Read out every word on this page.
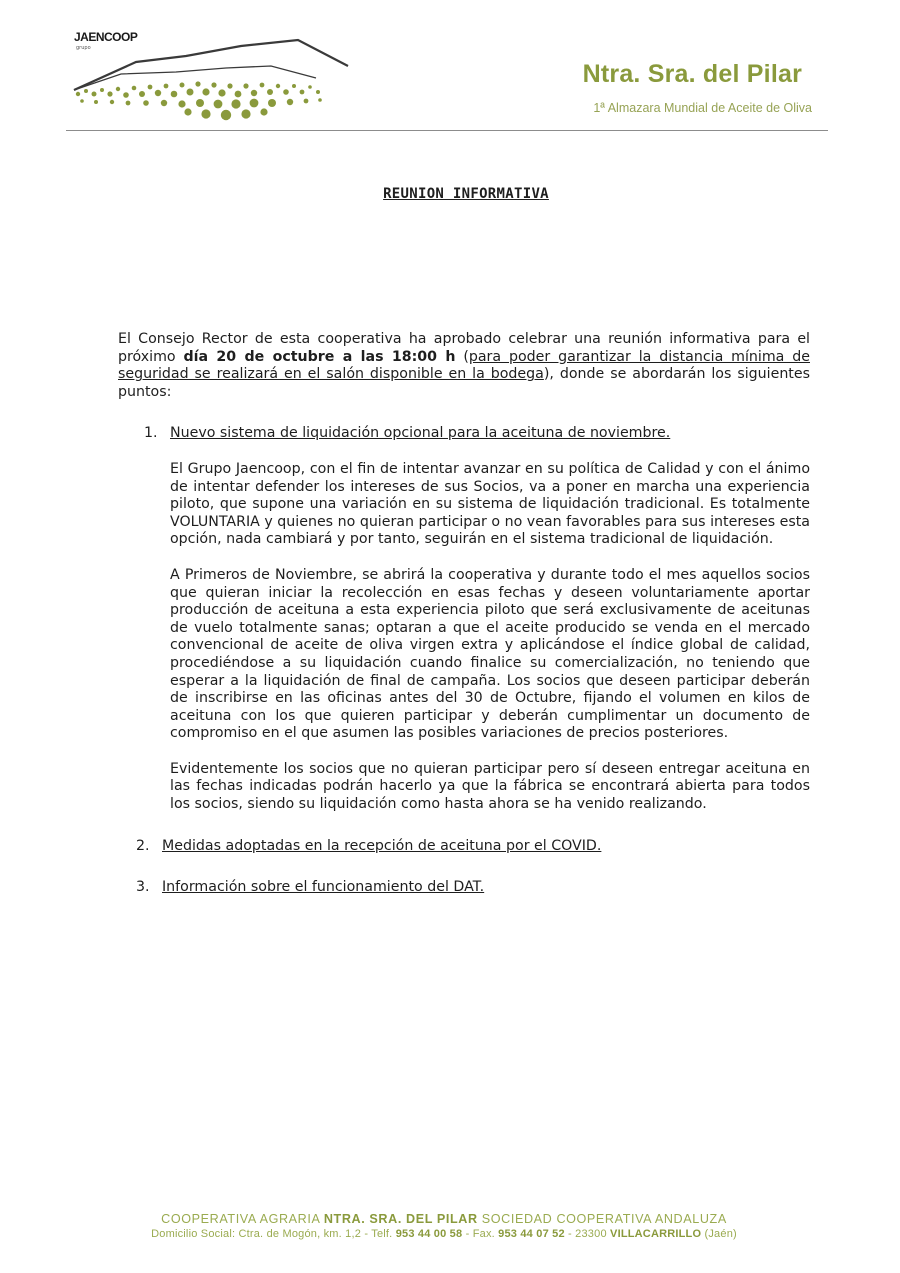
JAENCOOP
grupo
Ntra. Sra. del Pilar
1ª Almazara Mundial de Aceite de Oliva
REUNION INFORMATIVA

El Consejo Rector de esta cooperativa ha aprobado celebrar una reunión informativa para el próximo día 20 de octubre a las 18:00 h (para poder garantizar la distancia mínima de seguridad se realizará en el salón disponible en la bodega), donde se abordarán los siguientes puntos:

1. Nuevo sistema de liquidación opcional para la aceituna de noviembre.

El Grupo Jaencoop, con el fin de intentar avanzar en su política de Calidad y con el ánimo de intentar defender los intereses de sus Socios, va a poner en marcha una experiencia piloto, que supone una variación en su sistema de liquidación tradicional. Es totalmente VOLUNTARIA y quienes no quieran participar o no vean favorables para sus intereses esta opción, nada cambiará y por tanto, seguirán en el sistema tradicional de liquidación.

A Primeros de Noviembre, se abrirá la cooperativa y durante todo el mes aquellos socios que quieran iniciar la recolección en esas fechas y deseen voluntariamente aportar producción de aceituna a esta experiencia piloto que será exclusivamente de aceitunas de vuelo totalmente sanas; optaran a que el aceite producido se venda en el mercado convencional de aceite de oliva virgen extra y aplicándose el índice global de calidad, procediéndose a su liquidación cuando finalice su comercialización, no teniendo que esperar a la liquidación de final de campaña. Los socios que deseen participar deberán de inscribirse en las oficinas antes del 30 de Octubre, fijando el volumen en kilos de aceituna con los que quieren participar y deberán cumplimentar un documento de compromiso en el que asumen las posibles variaciones de precios posteriores.

Evidentemente los socios que no quieran participar pero sí deseen entregar aceituna en las fechas indicadas podrán hacerlo ya que la fábrica se encontrará abierta para todos los socios, siendo su liquidación como hasta ahora se ha venido realizando.

2. Medidas adoptadas en la recepción de aceituna por el COVID.
3. Información sobre el funcionamiento del DAT.
COOPERATIVA AGRARIA NTRA. SRA. DEL PILAR SOCIEDAD COOPERATIVA ANDALUZA
Domicilio Social: Ctra. de Mogón, km. 1,2 - Telf. 953 44 00 58 - Fax. 953 44 07 52 - 23300 VILLACARRILLO (Jaén)
